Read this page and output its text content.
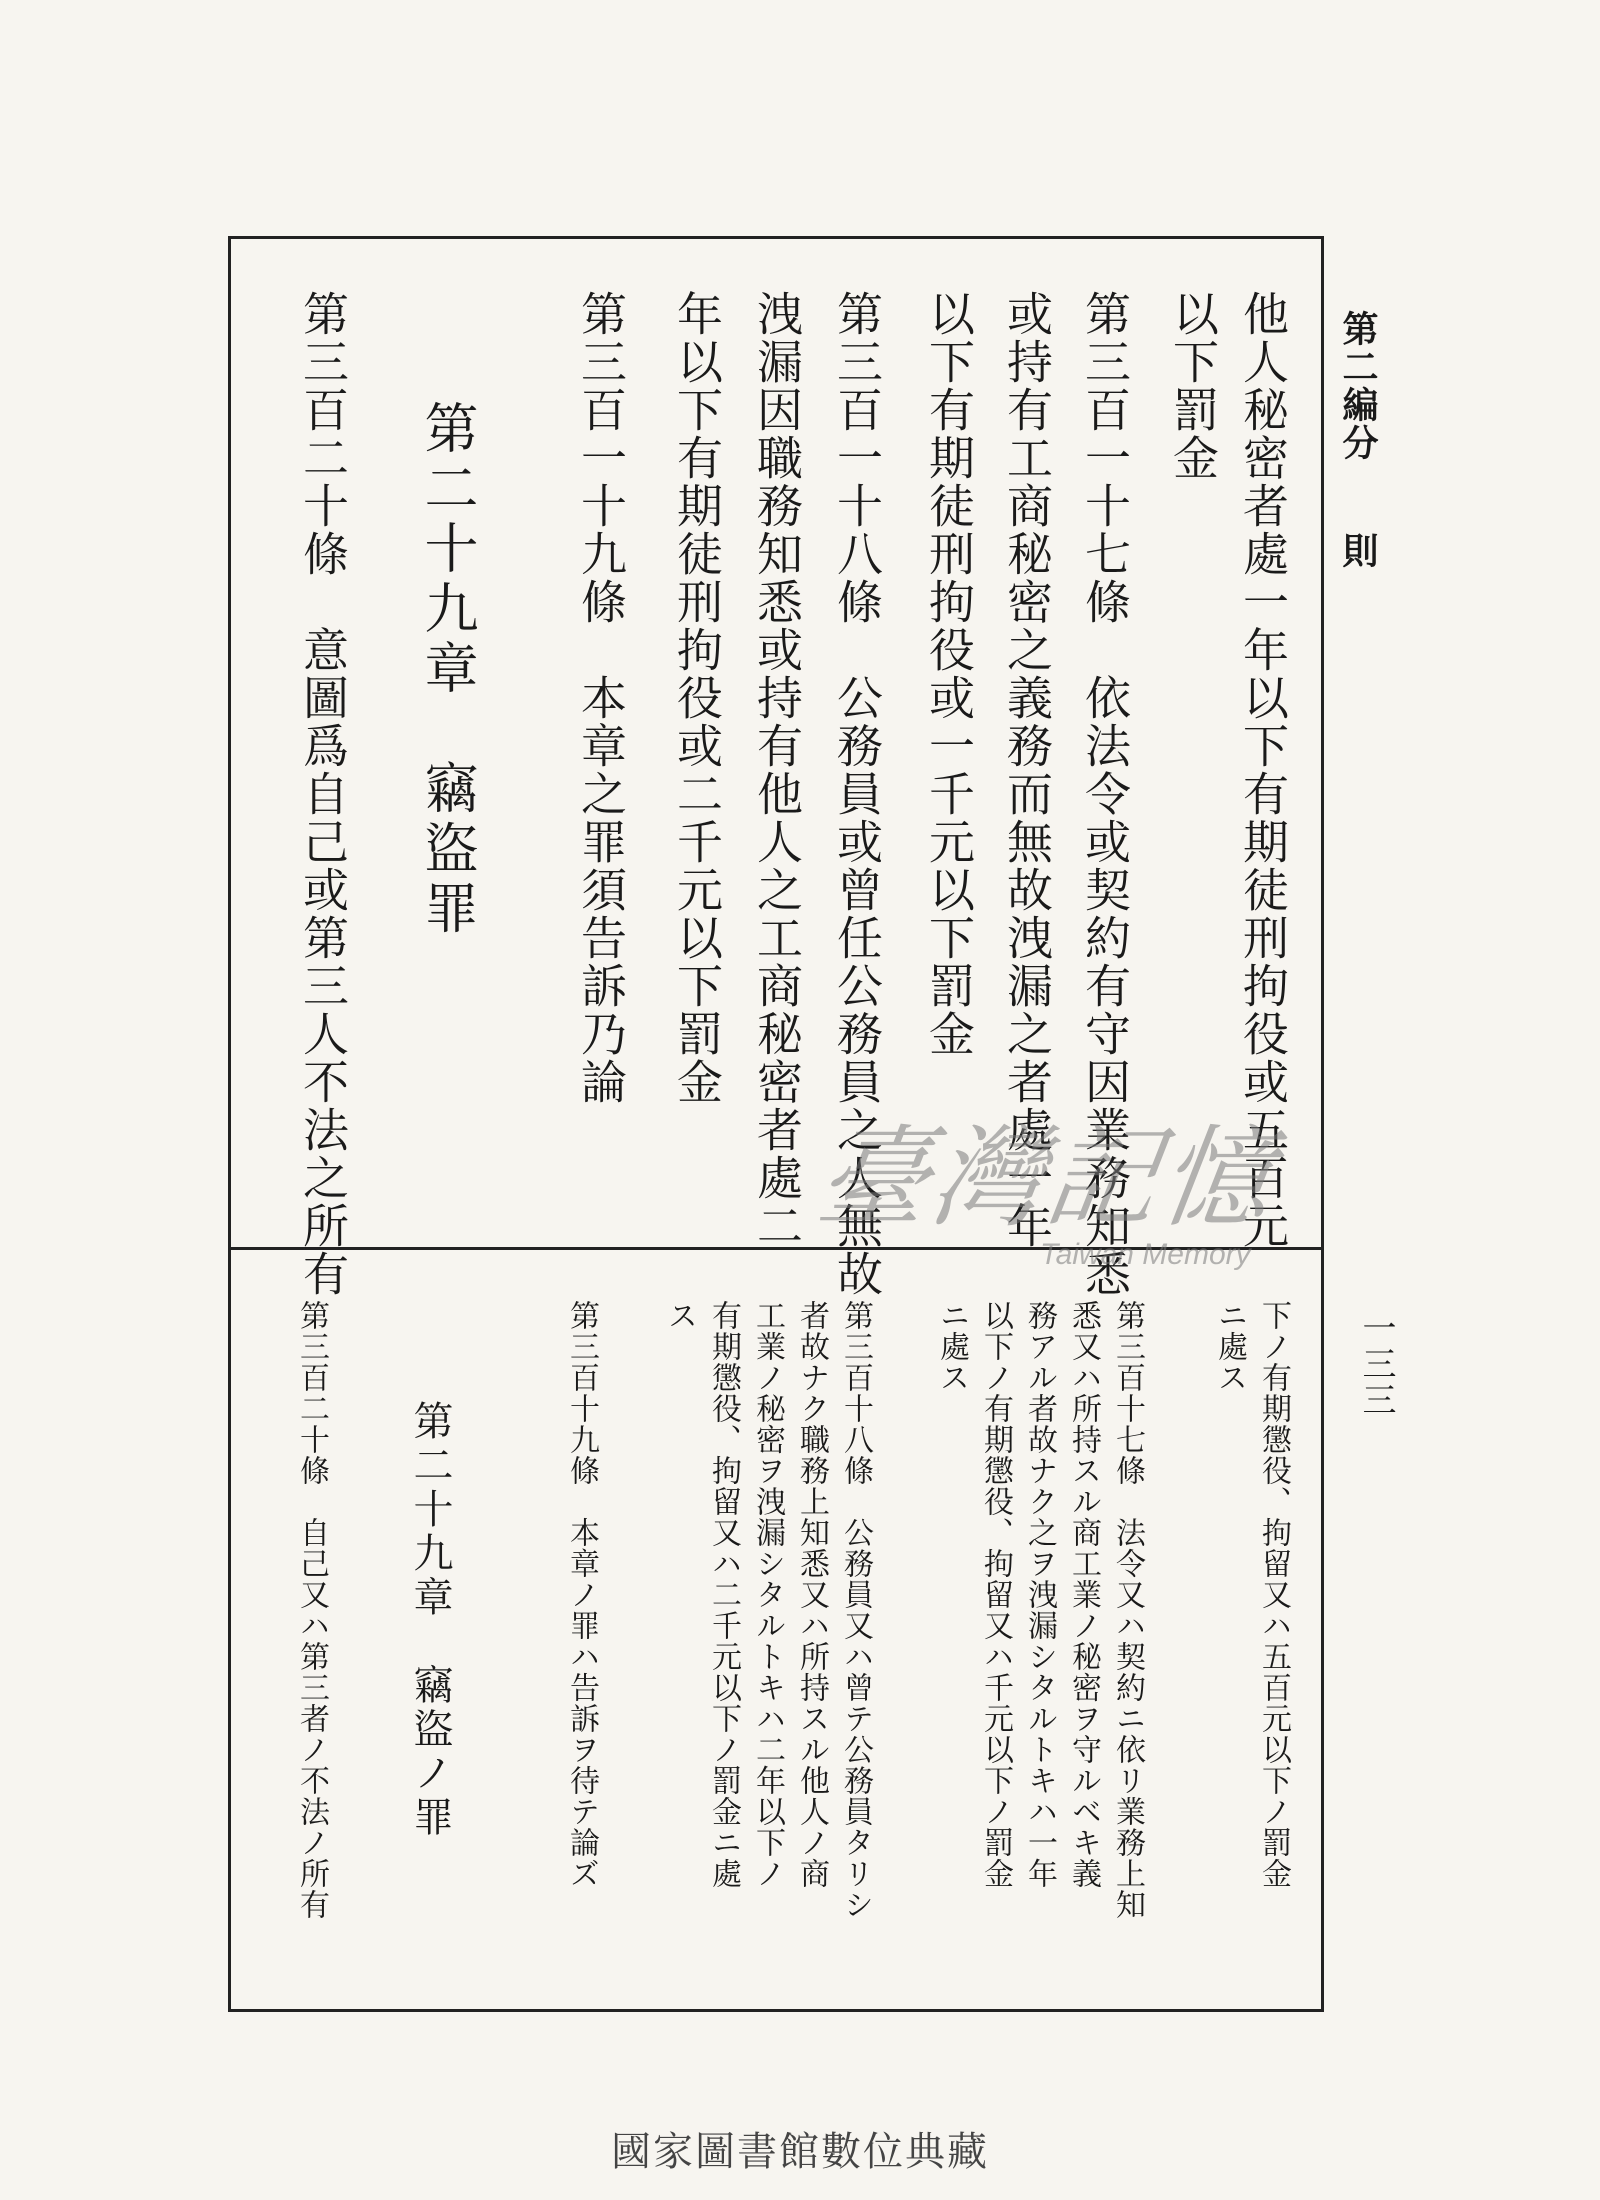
第二編分則
一三三
他人秘密者處一年以下有期徒刑拘役或五百元
以下罰金
第三百一十七條　依法令或契約有守因業務知悉
或持有工商秘密之義務而無故洩漏之者處一年
以下有期徒刑拘役或一千元以下罰金
第三百一十八條　公務員或曾任公務員之人無故
洩漏因職務知悉或持有他人之工商秘密者處二
年以下有期徒刑拘役或二千元以下罰金
第三百一十九條　本章之罪須告訴乃論
第二十九章　竊盜罪
第三百二十條　意圖爲自己或第三人不法之所有
下ノ有期懲役、拘留又ハ五百元以下ノ罰金
ニ處ス
第三百十七條　法令又ハ契約ニ依リ業務上知
悉又ハ所持スル商工業ノ秘密ヲ守ルベキ義
務アル者故ナク之ヲ洩漏シタルトキハ一年
以下ノ有期懲役、拘留又ハ千元以下ノ罰金
ニ處ス
第三百十八條　公務員又ハ曾テ公務員タリシ
者故ナク職務上知悉又ハ所持スル他人ノ商
工業ノ秘密ヲ洩漏シタルトキハ二年以下ノ
有期懲役、拘留又ハ二千元以下ノ罰金ニ處
ス
第三百十九條　本章ノ罪ハ告訴ヲ待テ論ズ
第二十九章　竊盜ノ罪
第三百二十條　自己又ハ第三者ノ不法ノ所有
臺灣記憶
Taiwan Memory
國家圖書館數位典藏
